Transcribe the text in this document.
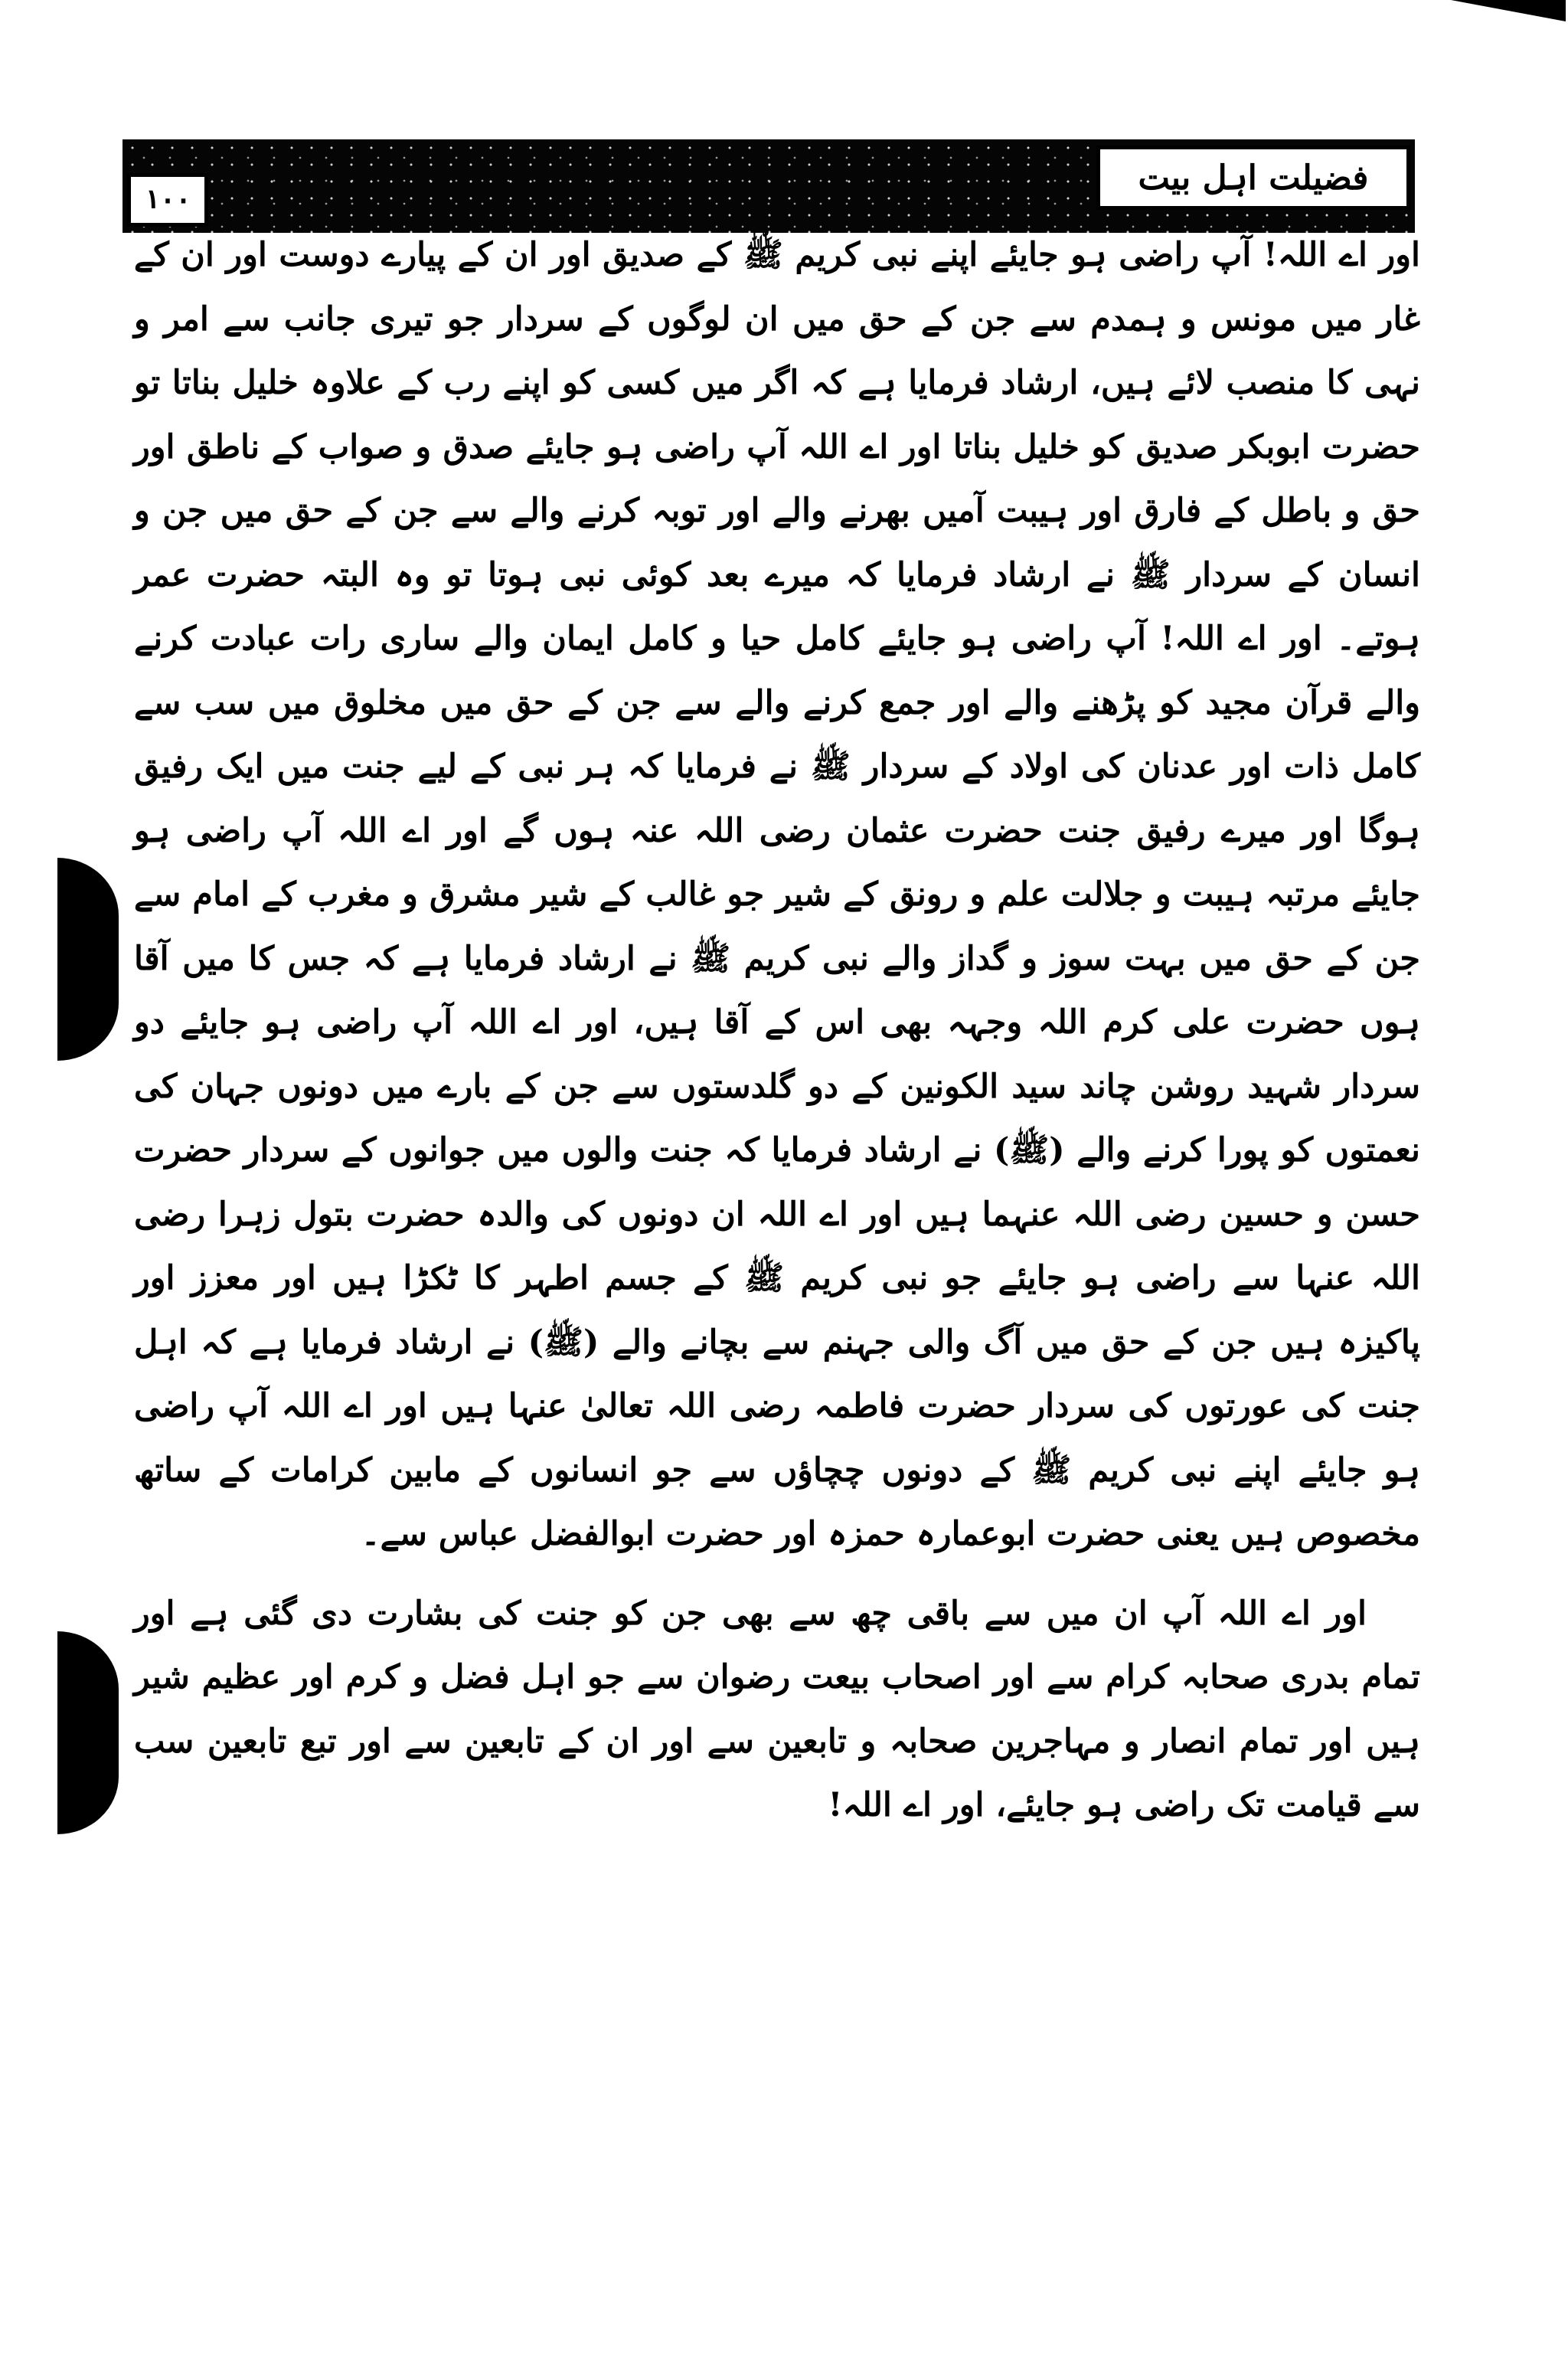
۱۰۰
فضیلت اہل بیت

اور اے اللہ! آپ راضی ہو جایئے اپنے نبی کریم ﷺ کے صدیق اور ان کے پیارے دوست اور ان کے غار میں مونس و ہمدم سے جن کے حق میں ان لوگوں کے سردار جو تیری جانب سے امر و نہی کا منصب لائے ہیں، ارشاد فرمایا ہے کہ اگر میں کسی کو اپنے رب کے علاوہ خلیل بناتا تو حضرت ابوبکر صدیق کو خلیل بناتا اور اے اللہ آپ راضی ہو جایئے صدق و صواب کے ناطق اور حق و باطل کے فارق اور ہیبت آمیں بھرنے والے اور توبہ کرنے والے سے جن کے حق میں جن و انسان کے سردار ﷺ نے ارشاد فرمایا کہ میرے بعد کوئی نبی ہوتا تو وہ البتہ حضرت عمر ہوتے۔ اور اے اللہ! آپ راضی ہو جایئے کامل حیا و کامل ایمان والے ساری رات عبادت کرنے والے قرآن مجید کو پڑھنے والے اور جمع کرنے والے سے جن کے حق میں مخلوق میں سب سے کامل ذات اور عدنان کی اولاد کے سردار ﷺ نے فرمایا کہ ہر نبی کے لیے جنت میں ایک رفیق ہوگا اور میرے رفیق جنت حضرت عثمان رضی اللہ عنہ ہوں گے اور اے اللہ آپ راضی ہو جایئے مرتبہ ہیبت و جلالت علم و رونق کے شیر جو غالب کے شیر مشرق و مغرب کے امام سے جن کے حق میں بہت سوز و گداز والے نبی کریم ﷺ نے ارشاد فرمایا ہے کہ جس کا میں آقا ہوں حضرت علی کرم اللہ وجہہ بھی اس کے آقا ہیں، اور اے اللہ آپ راضی ہو جایئے دو سردار شہید روشن چاند سید الکونین کے دو گلدستوں سے جن کے بارے میں دونوں جہان کی نعمتوں کو پورا کرنے والے (ﷺ) نے ارشاد فرمایا کہ جنت والوں میں جوانوں کے سردار حضرت حسن و حسین رضی اللہ عنہما ہیں اور اے اللہ ان دونوں کی والدہ حضرت بتول زہرا رضی اللہ عنہا سے راضی ہو جایئے جو نبی کریم ﷺ کے جسم اطہر کا ٹکڑا ہیں اور معزز اور پاکیزہ ہیں جن کے حق میں آگ والی جہنم سے بچانے والے (ﷺ) نے ارشاد فرمایا ہے کہ اہل جنت کی عورتوں کی سردار حضرت فاطمہ رضی اللہ تعالیٰ عنہا ہیں اور اے اللہ آپ راضی ہو جایئے اپنے نبی کریم ﷺ کے دونوں چچاؤں سے جو انسانوں کے مابین کرامات کے ساتھ مخصوص ہیں یعنی حضرت ابوعمارہ حمزہ اور حضرت ابوالفضل عباس سے۔

اور اے اللہ آپ ان میں سے باقی چھ سے بھی جن کو جنت کی بشارت دی گئی ہے اور تمام بدری صحابہ کرام سے اور اصحاب بیعت رضوان سے جو اہل فضل و کرم اور عظیم شیر ہیں اور تمام انصار و مہاجرین صحابہ و تابعین سے اور ان کے تابعین سے اور تبع تابعین سب سے قیامت تک راضی ہو جایئے، اور اے اللہ!
